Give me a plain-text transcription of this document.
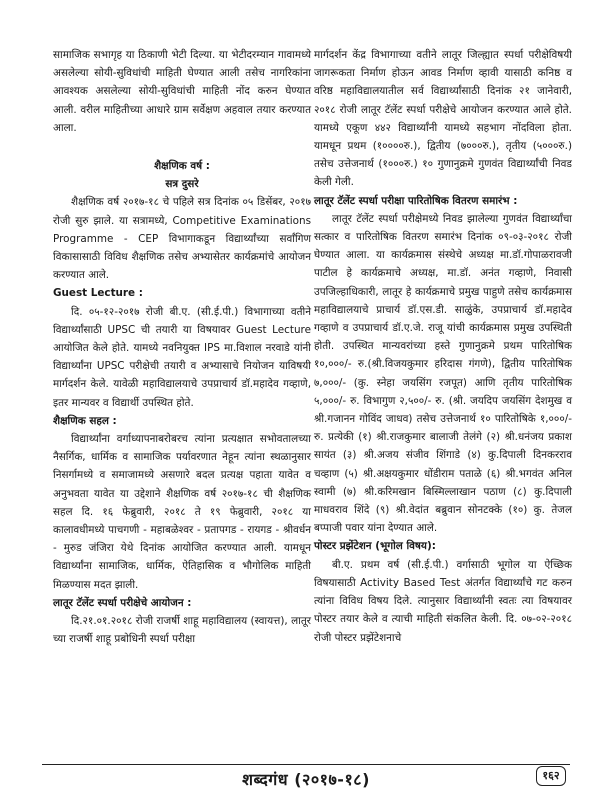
सामाजिक सभागृह या ठिकाणी भेटी दिल्या. या भेटीदरम्यान गावामध्ये असलेल्या सोयी-सुविधांची माहिती घेण्यात आली तसेच नागरिकांना आवश्यक असलेल्या सोयी-सुविधांची माहिती नोंद करुन घेण्यात आली. वरील माहितीच्या आधारे ग्राम सर्वेक्षण अहवाल तयार करण्यात आला.

शैक्षणिक वर्ष :

सत्र दुसरे

शैक्षणिक वर्ष २०१७-१८ चे पहिले सत्र दिनांक ०५ डिसेंबर, २०१७ रोजी सुरु झाले. या सत्रामध्ये, Competitive Examinations Programme - CEP विभागाकडून विद्यार्थ्यांच्या सर्वांगिण विकासासाठी विविध शैक्षणिक तसेच अभ्यासेतर कार्यक्रमांचे आयोजन करण्यात आले.

Guest Lecture :

दि. ०५-१२-२०१७ रोजी बी.ए. (सी.ई.पी.) विभागाच्या वतीने विद्यार्थ्यांसाठी UPSC ची तयारी या विषयावर Guest Lecture आयोजित केले होते. यामध्ये नवनियुक्त IPS मा.विशाल नरवाडे यांनी विद्यार्थ्यांना UPSC परीक्षेची तयारी व अभ्यासाचे नियोजन याविषयी मार्गदर्शन केले. यावेळी महाविद्यालयाचे उपप्राचार्य डॉ.महादेव गव्हाणे, इतर मान्यवर व विद्यार्थी उपस्थित होते.

शैक्षणिक सहल :

विद्यार्थ्यांना वर्गाध्यापनाबरोबरच त्यांना प्रत्यक्षात सभोवतालच्या नैसर्गिक, धार्मिक व सामाजिक पर्यावरणात नेहून त्यांना स्थळानुसार निसर्गामध्ये व समाजामध्ये असणारे बदल प्रत्यक्ष पहाता यावेत व अनुभवता यावेत या उद्देशाने शैक्षणिक वर्ष २०१७-१८ ची शैक्षणिक सहल दि. १६ फेब्रुवारी, २०१८ ते १९ फेब्रुवारी, २०१८ या कालावधीमध्ये पाचगणी - महाबळेश्वर - प्रतापगड - रायगड - श्रीवर्धन - मुरुड जंजिरा येथे दिनांक आयोजित करण्यात आली. यामधून विद्यार्थ्यांना सामाजिक, धार्मिक, ऐतिहासिक व भौगोलिक माहिती मिळण्यास मदत झाली.

लातूर टॅलेंट स्पर्धा परीक्षेचे आयोजन :

दि.२१.०१.२०१८ रोजी राजर्षी शाहू महाविद्यालय (स्वायत्त), लातूर च्या राजर्षी शाहू प्रबोधिनी स्पर्धा परीक्षा

मार्गदर्शन केंद्र विभागाच्या वतीने लातूर जिल्ह्यात स्पर्धा परीक्षेविषयी जागरूकता निर्माण होऊन आवड निर्माण व्हावी यासाठी कनिष्ठ व वरिष्ठ महाविद्यालयातील सर्व विद्यार्थ्यांसाठी दिनांक २१ जानेवारी, २०१८ रोजी लातूर टॅलेंट स्पर्धा परीक्षेचे आयोजन करण्यात आले होते. यामध्ये एकूण ४४२ विद्यार्थ्यांनी यामध्ये सहभाग नोंदविला होता. यामधून प्रथम (१००००रु.), द्वितीय (७०००रु.), तृतीय (५०००रु.) तसेच उत्तेजनार्थ (१०००रु.) १० गुणानुक्रमे गुणवंत विद्यार्थ्यांची निवड केली गेली.

लातूर टॅलेंट स्पर्धा परीक्षा पारितोषिक वितरण समारंभ :

लातूर टॅलेंट स्पर्धा परीक्षेमध्ये निवड झालेल्या गुणवंत विद्यार्थ्यांचा सत्कार व पारितोषिक वितरण समारंभ दिनांक ०९-०३-२०१८ रोजी घेण्यात आला. या कार्यक्रमास संस्थेचे अध्यक्ष मा.डॉ.गोपाळरावजी पाटील हे कार्यक्रमाचे अध्यक्ष, मा.डॉ. अनंत गव्हाणे, निवासी उपजिल्हाधिकारी, लातूर हे कार्यक्रमाचे प्रमुख पाहुणे तसेच कार्यक्रमास महाविद्यालयाचे प्राचार्य डॉ.एस.डी. साळुंके, उपप्राचार्य डॉ.महादेव गव्हाणे व उपप्राचार्य डॉ.ए.जे. राजू यांची कार्यक्रमास प्रमुख उपस्थिती होती. उपस्थित मान्यवरांच्या हस्ते गुणानुक्रमे प्रथम पारितोषिक १०,०००/- रु.(श्री.विजयकुमार हरिदास गंगणे), द्वितीय पारितोषिक ७,०००/- (कु. स्नेहा जयसिंग रजपूत) आणि तृतीय पारितोषिक ५,०००/- रु. विभागुण २,५००/- रु. (श्री. जयदिप जयसिंग देशमुख व श्री.गजानन गोविंद जाधव) तसेच उत्तेजनार्थ १० पारितोषिके १,०००/- रु. प्रत्येकी (१) श्री.राजकुमार बालाजी तेलंगे (२) श्री.धनंजय प्रकाश सायंत (३) श्री.अजय संजीव शिंगाडे (४) कु.दिपाली दिनकरराव चव्हाण (५) श्री.अक्षयकुमार धोंडीराम पताळे (६) श्री.भगवंत अनिल स्वामी (७) श्री.करिमखान बिस्मिल्लाखान पठाण (८) कु.दिपाली माधवराव शिंदे (९) श्री.वेदांत बब्रुवान सोनटक्के (१०) कु. तेजल बप्पाजी पवार यांना देण्यात आले.

पोस्टर प्रझेंटेशन (भूगोल विषय):

बी.ए. प्रथम वर्ष (सी.ई.पी.) वर्गासाठी भूगोल या ऐच्छिक विषयासाठी Activity Based Test अंतर्गत विद्यार्थ्यांचे गट करुन त्यांना विविध विषय दिले. त्यानुसार विद्यार्थ्यांनी स्वतः त्या विषयावर पोस्टर तयार केले व त्याची माहिती संकलित केली. दि. ०७-०२-२०१८ रोजी पोस्टर प्रझेंटेशनाचे

शब्दगंध (२०१७-१८)	१६२
